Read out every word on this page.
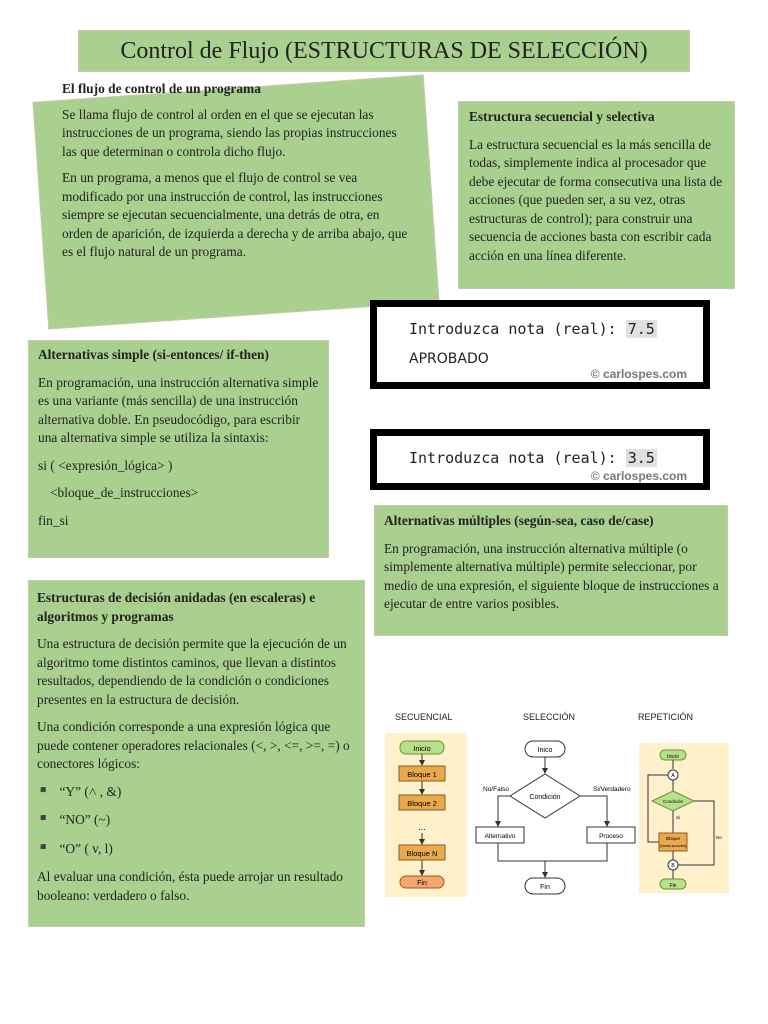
Control de Flujo (ESTRUCTURAS DE SELECCIÓN)

El flujo de control de un programa

Se llama flujo de control al orden en el que se ejecutan las instrucciones de un programa, siendo las propias instrucciones las que determinan o controla dicho flujo.

En un programa, a menos que el flujo de control se vea modificado por una instrucción de control, las instrucciones siempre se ejecutan secuencialmente, una detrás de otra, en orden de aparición, de izquierda a derecha y de arriba abajo, que es el flujo natural de un programa.

Estructura secuencial y selectiva

La estructura secuencial es la más sencilla de todas, simplemente indica al procesador que debe ejecutar de forma consecutiva una lista de acciones (que pueden ser, a su vez, otras estructuras de control); para construir una secuencia de acciones basta con escribir cada acción en una línea diferente.

Introduzca nota (real): 7.5
APROBADO
© carlospes.com
Introduzca nota (real): 3.5
© carlospes.com

Alternativas simple (si-entonces/ if-then)

En programación, una instrucción alternativa simple es una variante (más sencilla) de una instrucción alternativa doble. En pseudocódigo, para escribir una alternativa simple se utiliza la sintaxis:

si ( <expresión_lógica> )

<bloque_de_instrucciones>

fin_si	Alternativas múltiples (según-sea, caso de/case)

En programación, una instrucción alternativa múltiple (o simplemente alternativa múltiple) permite seleccionar, por medio de una expresión, el siguiente bloque de instrucciones a ejecutar de entre varios posibles.

Estructuras de decisión anidadas (en escaleras) e algoritmos y programas

Una estructura de decisión permite que la ejecución de un algoritmo tome distintos caminos, que llevan a distintos resultados, dependiendo de la condición o condiciones presentes en la estructura de decisión.

Una condición corresponde a una expresión lógica que puede contener operadores relacionales (<, >, <=, >=, =) o conectores lógicos:

◾ “Y” (˄ , &)
◾ “NO” (~)
◾ “O” ( v, l)

Al evaluar una condición, ésta puede arrojar un resultado booleano: verdadero o falso.

SECUENCIAL	SELECCIÓN	REPETICIÓN
Inicio
Bloque 1
Bloque 2
...
Bloque N
Fin
Inico
Condición
No/Falso	Si/Verdadero
Alternativo	Proceso
Fin
Inicio
A
Condición
Si
Bloque
(Varias acciones)
No
B
Fin
